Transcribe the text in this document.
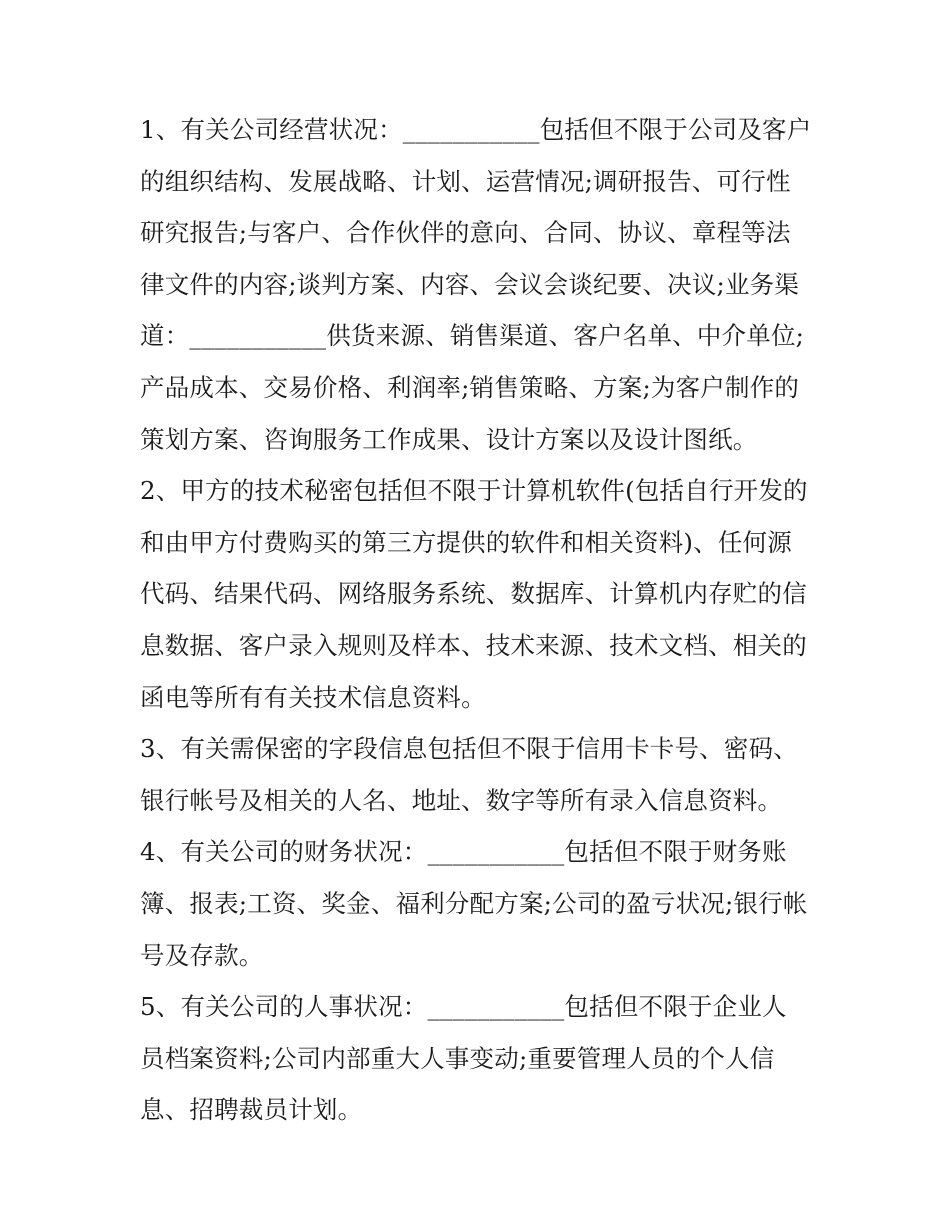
1、有关公司经营状况：___________包括但不限于公司及客户
的组织结构、发展战略、计划、运营情况;调研报告、可行性
研究报告;与客户、合作伙伴的意向、合同、协议、章程等法
律文件的内容;谈判方案、内容、会议会谈纪要、决议;业务渠
道：___________供货来源、销售渠道、客户名单、中介单位;
产品成本、交易价格、利润率;销售策略、方案;为客户制作的
策划方案、咨询服务工作成果、设计方案以及设计图纸。
2、甲方的技术秘密包括但不限于计算机软件(包括自行开发的
和由甲方付费购买的第三方提供的软件和相关资料)、任何源
代码、结果代码、网络服务系统、数据库、计算机内存贮的信
息数据、客户录入规则及样本、技术来源、技术文档、相关的
函电等所有有关技术信息资料。
3、有关需保密的字段信息包括但不限于信用卡卡号、密码、
银行帐号及相关的人名、地址、数字等所有录入信息资料。
4、有关公司的财务状况：___________包括但不限于财务账
簿、报表;工资、奖金、福利分配方案;公司的盈亏状况;银行帐
号及存款。
5、有关公司的人事状况：___________包括但不限于企业人
员档案资料;公司内部重大人事变动;重要管理人员的个人信
息、招聘裁员计划。
